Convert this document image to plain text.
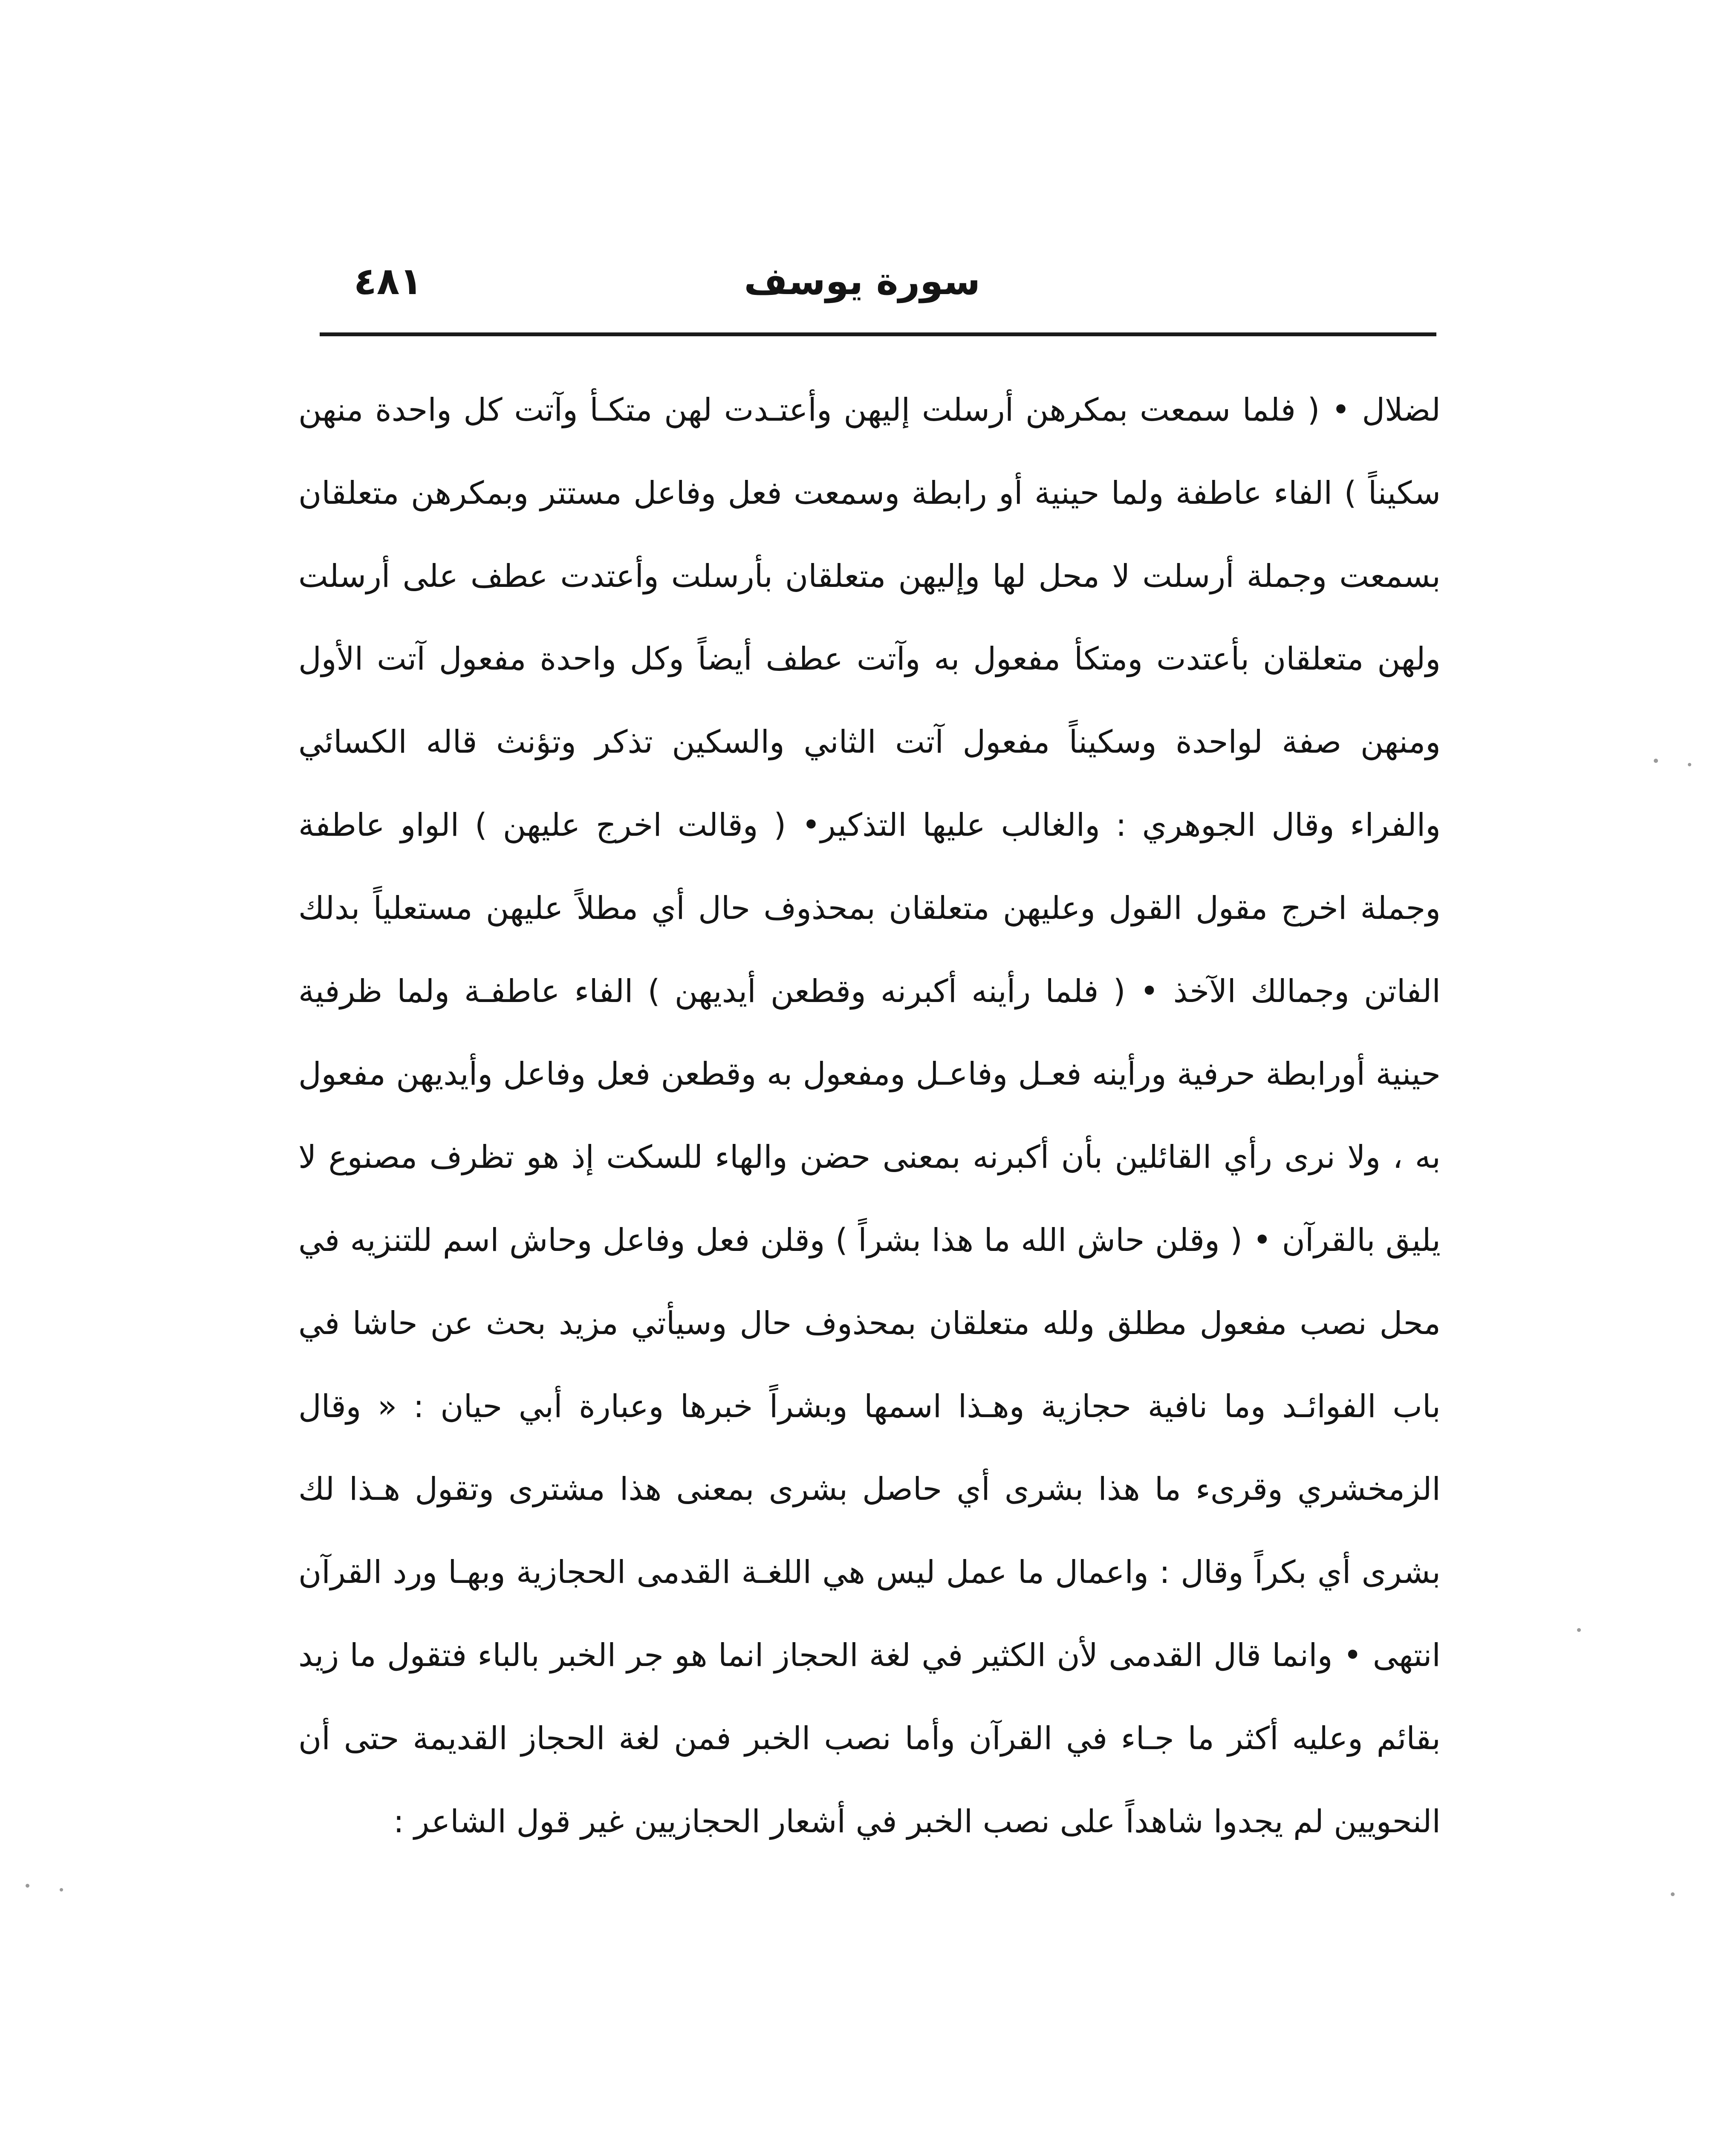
سورة يوسف
٤٨١

لضلال • ( فلما سمعت بمكرهن أرسلت إليهن وأعتـدت لهن متكـأ وآتت كل واحدة منهن سكيناً ) الفاء عاطفة ولما حينية أو رابطة وسمعت فعل وفاعل مستتر وبمكرهن متعلقان بسمعت وجملة أرسلت لا محل لها وإليهن متعلقان بأرسلت وأعتدت عطف على أرسلت ولهن متعلقان بأعتدت ومتكأ مفعول به وآتت عطف أيضاً وكل واحدة مفعول آتت الأول ومنهن صفة لواحدة وسكيناً مفعول آتت الثاني والسكين تذكر وتؤنث قاله الكسائي والفراء وقال الجوهري : والغالب عليها التذكير• ( وقالت اخرج عليهن ) الواو عاطفة وجملة اخرج مقول القول وعليهن متعلقان بمحذوف حال أي مطلاً عليهن مستعلياً بدلك الفاتن وجمالك الآخذ • ( فلما رأينه أكبرنه وقطعن أيديهن ) الفاء عاطفـة ولما ظرفية حينية أورابطة حرفية ورأينه فعـل وفاعـل ومفعول به وقطعن فعل وفاعل وأيديهن مفعول به ، ولا نرى رأي القائلين بأن أكبرنه بمعنى حضن والهاء للسكت إذ هو تظرف مصنوع لا يليق بالقرآن • ( وقلن حاش الله ما هذا بشراً ) وقلن فعل وفاعل وحاش اسم للتنزيه في محل نصب مفعول مطلق ولله متعلقان بمحذوف حال وسيأتي مزيد بحث عن حاشا في باب الفوائـد وما نافية حجازية وهـذا اسمها وبشراً خبرها وعبارة أبي حيان : « وقال الزمخشري وقرىء ما هذا بشرى أي حاصل بشرى بمعنى هذا مشترى وتقول هـذا لك بشرى أي بكراً وقال : واعمال ما عمل ليس هي اللغـة القدمى الحجازية وبهـا ورد القرآن انتهى • وانما قال القدمى لأن الكثير في لغة الحجاز انما هو جر الخبر بالباء فتقول ما زيد بقائم وعليه أكثر ما جـاء في القرآن وأما نصب الخبر فمن لغة الحجاز القديمة حتى أن النحويين لم يجدوا شاهداً على نصب الخبر في أشعار الحجازيين غير قول الشاعر :
